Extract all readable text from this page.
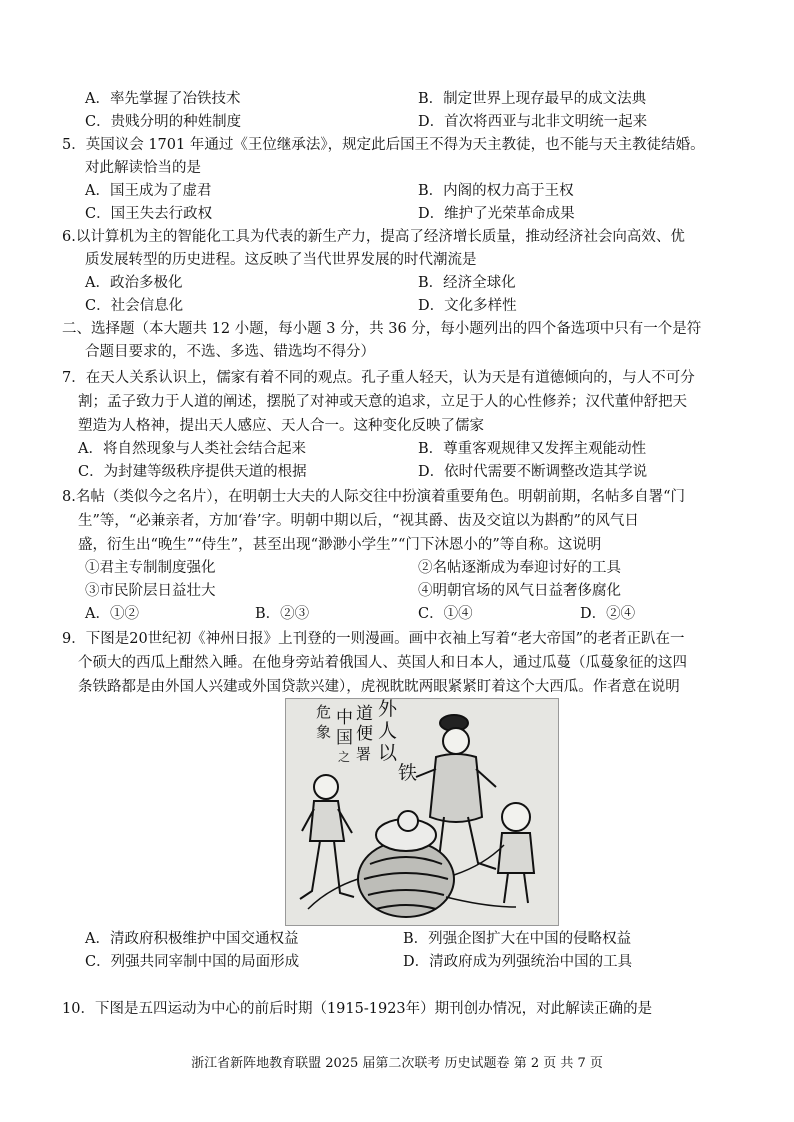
A．率先掌握了冶铁技术	B．制定世界上现存最早的成文法典
C．贵贱分明的种姓制度	D．首次将西亚与北非文明统一起来
5．英国议会 1701 年通过《王位继承法》，规定此后国王不得为天主教徒，也不能与天主教徒结婚。
对此解读恰当的是
A．国王成为了虚君	B．内阁的权力高于王权
C．国王失去行政权	D．维护了光荣革命成果
6.以计算机为主的智能化工具为代表的新生产力，提高了经济增长质量，推动经济社会向高效、优
质发展转型的历史进程。这反映了当代世界发展的时代潮流是
A．政治多极化	B．经济全球化
C．社会信息化	D．文化多样性
二、选择题（本大题共 12 小题，每小题 3 分，共 36 分，每小题列出的四个备选项中只有一个是符
合题目要求的，不选、多选、错选均不得分）
7．在天人关系认识上，儒家有着不同的观点。孔子重人轻天，认为天是有道德倾向的，与人不可分
割；孟子致力于人道的阐述，摆脱了对神或天意的追求，立足于人的心性修养；汉代董仲舒把天
塑造为人格神，提出天人感应、天人合一。这种变化反映了儒家
A．将自然现象与人类社会结合起来	B．尊重客观规律又发挥主观能动性
C．为封建等级秩序提供天道的根据	D．依时代需要不断调整改造其学说
8.名帖（类似今之名片），在明朝士大夫的人际交往中扮演着重要角色。明朝前期，名帖多自署“门
生”等，“必兼亲者，方加‘眷’字。明朝中期以后，“视其爵、齿及交谊以为斟酌”的风气日
盛，衍生出“晚生”“侍生”，甚至出现“渺渺小学生”“门下沐恩小的”等自称。这说明
①君主专制制度强化	②名帖逐渐成为奉迎讨好的工具
③市民阶层日益壮大	④明朝官场的风气日益奢侈腐化
A．①②	B．②③	C．①④	D．②④
9．下图是20世纪初《神州日报》上刊登的一则漫画。画中衣袖上写着“老大帝国”的老者正趴在一
个硕大的西瓜上酣然入睡。在他身旁站着俄国人、英国人和日本人，通过瓜蔓（瓜蔓象征的这四
条铁路都是由外国人兴建或外国贷款兴建），虎视眈眈两眼紧紧盯着这个大西瓜。作者意在说明
危
象
中
国
之
道
便
署
外
人
以
铁
A．清政府积极维护中国交通权益	B．列强企图扩大在中国的侵略权益
C．列强共同宰制中国的局面形成	D．清政府成为列强统治中国的工具
10．下图是五四运动为中心的前后时期（1915-1923年）期刊创办情况，对此解读正确的是
浙江省新阵地教育联盟 2025 届第二次联考 历史试题卷 第 2 页 共 7 页
